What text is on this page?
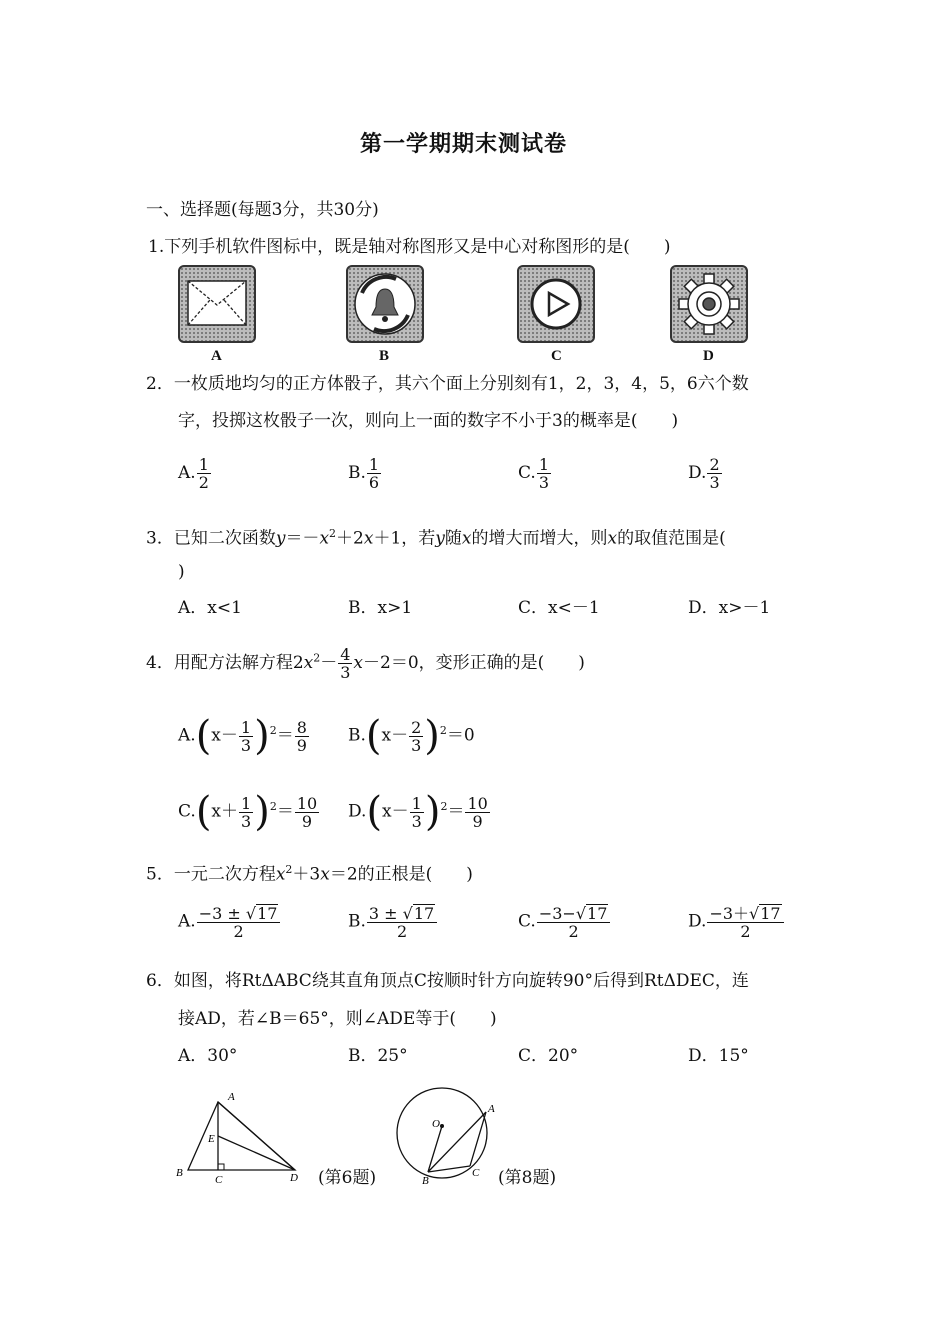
第一学期期末测试卷
一、选择题(每题3分，共30分)
1.下列手机软件图标中，既是轴对称图形又是中心对称图形的是(　　)
A	B	C	D
2．一枚质地均匀的正方体骰子，其六个面上分别刻有1，2，3，4，5，6六个数
字，投掷这枚骰子一次，则向上一面的数字不小于3的概率是(　　)
A. $\frac{1}{2}$	B. $\frac{1}{6}$	C. $\frac{1}{3}$	D. $\frac{2}{3}$
3．已知二次函数$y=-x^2+2x+1$，若y随x的增大而增大，则x的取值范围是(
)
A．x<1	B．x>1	C．x<－1	D．x>－1
4．用配方法解方程$2x^2- \frac{4}{3} x-2=0$，变形正确的是(　　)
$A.(x- \frac{1}{3} )^2= \frac{8}{9} B.(x- \frac{2}{3} )^2=0$
$C.(x+ \frac{1}{3} )^2= \frac{10}{9} D.(x- \frac{1}{3} )^2= \frac{10}{9}$
5．一元二次方程$x^2+3x=2$的正根是(　　)
A. $\frac{-3 \pm √ 17}{2}$	B. $\frac{3 \pm √ 17}{2}$	C. $\frac{-3-√ 17}{2}$	D. $\frac{-3+√ 17}{2}$
6．如图，将RtΔABC绕其直角顶点C按顺时针方向旋转90°后得到RtΔDEC，连
接AD，若∠B＝65°，则∠ADE等于(　　)
A．30°	B．25°	C．20°	D．15°
A
E
B
C	D (第6题)
O
A
B
C (第8题)
